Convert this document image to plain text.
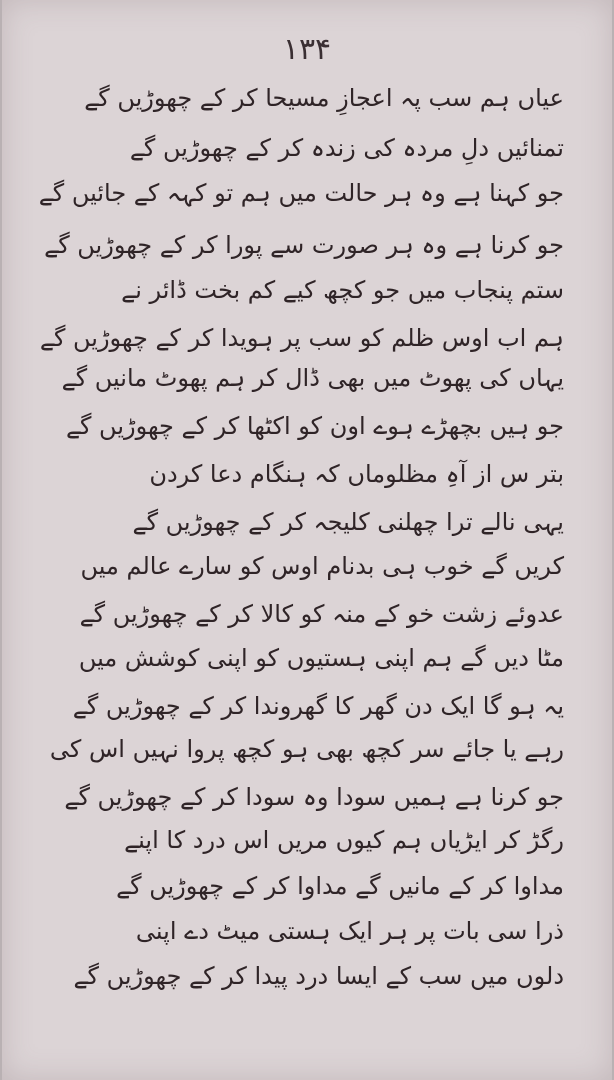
۱۳۴
عیاں ہم سب پہ اعجازِ مسیحا کر کے چھوڑیں گے
تمنائیں دلِ مردہ کی زندہ کر کے چھوڑیں گے
جو کہنا ہے وہ ہر حالت میں ہم تو کہہ کے جائیں گے
جو کرنا ہے وہ ہر صورت سے پورا کر کے چھوڑیں گے
ستم پنجاب میں جو کچھ کیے کم بخت ڈائر نے
ہم اب اوس ظلم کو سب پر ہویدا کر کے چھوڑیں گے
یہاں کی پھوٹ میں بھی ڈال کر ہم پھوٹ مانیں گے
جو ہیں بچھڑے ہوے اون کو اکٹھا کر کے چھوڑیں گے
بتر س از آہِ مظلوماں کہ ہنگام دعا کردن
یہی نالے ترا چھلنی کلیجہ کر کے چھوڑیں گے
کریں گے خوب ہی بدنام اوس کو سارے عالم میں
عدوئے زشت خو کے منہ کو کالا کر کے چھوڑیں گے
مٹا دیں گے ہم اپنی ہستیوں کو اپنی کوشش میں
یہ ہو گا ایک دن گھر کا گھروندا کر کے چھوڑیں گے
رہے یا جائے سر کچھ بھی ہو کچھ پروا نہیں اس کی
جو کرنا ہے ہمیں سودا وہ سودا کر کے چھوڑیں گے
رگڑ کر ایڑیاں ہم کیوں مریں اس درد کا اپنے
مداوا کر کے مانیں گے مداوا کر کے چھوڑیں گے
ذرا سی بات پر ہر ایک ہستی میٹ دے اپنی
دلوں میں سب کے ایسا درد پیدا کر کے چھوڑیں گے
